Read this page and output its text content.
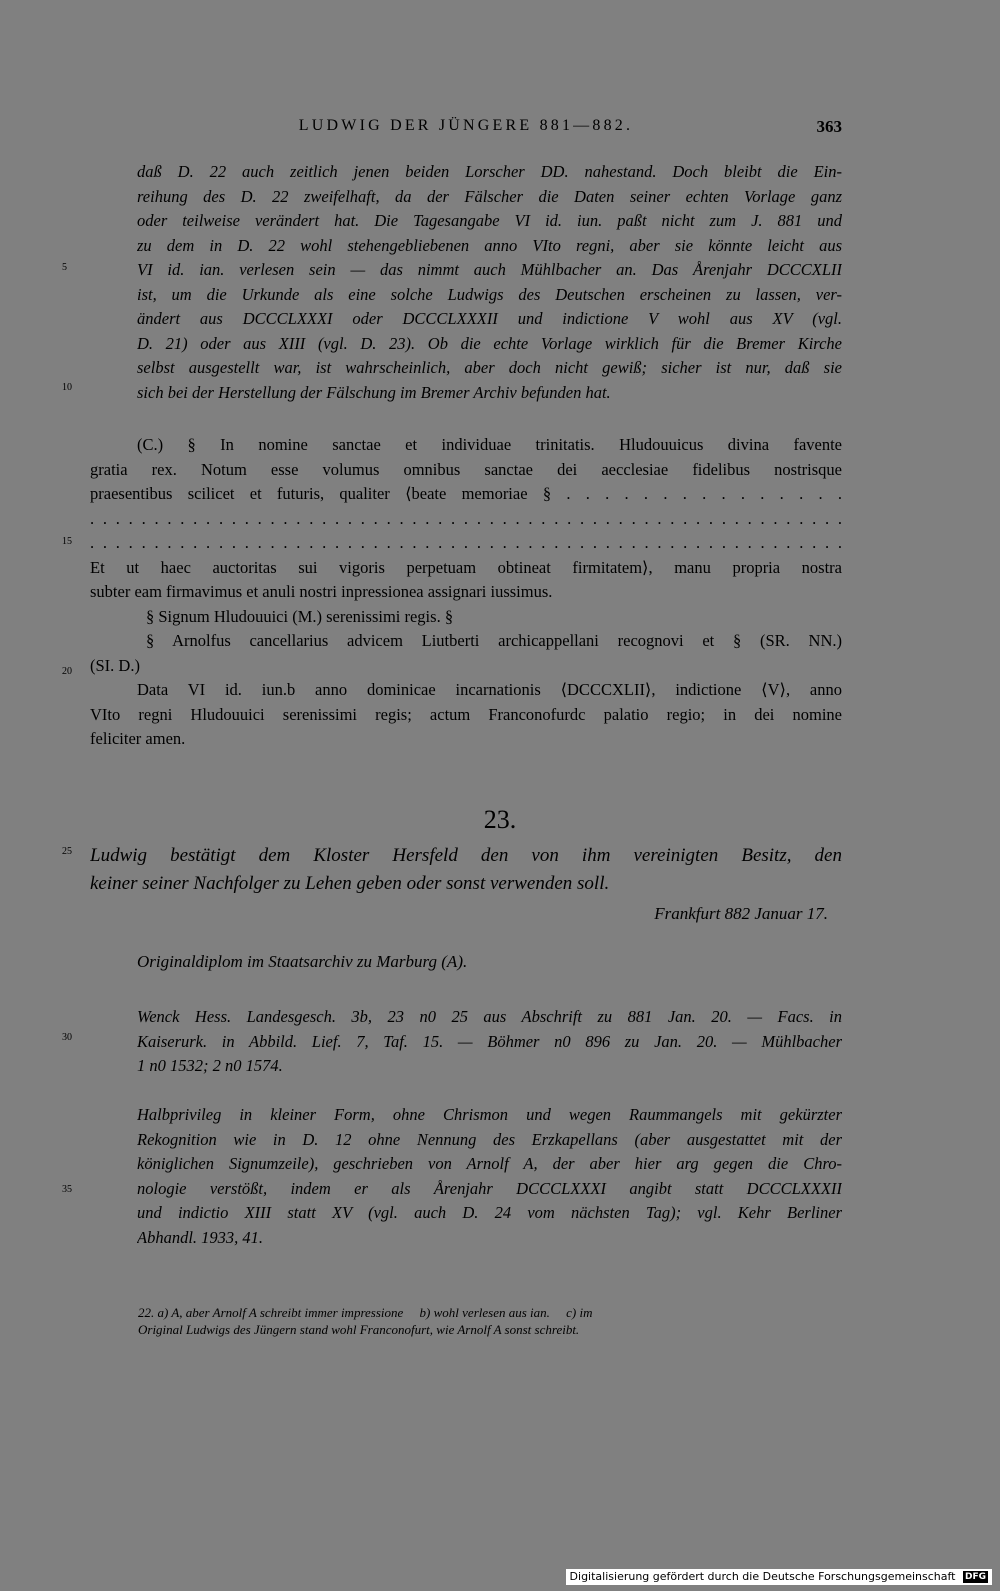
LUDWIG DER JÜNGERE 881—882.	363
5
10
15
20
25
30
35
daß D. 22 auch zeitlich jenen beiden Lorscher DD. nahestand. Doch bleibt die Ein-
reihung des D. 22 zweifelhaft, da der Fälscher die Daten seiner echten Vorlage ganz
oder teilweise verändert hat. Die Tagesangabe VI id. iun. paßt nicht zum J. 881 und
zu dem in D. 22 wohl stehengebliebenen anno VIto regni, aber sie könnte leicht aus
VI id. ian. verlesen sein — das nimmt auch Mühlbacher an. Das Årenjahr DCCCXLII
ist, um die Urkunde als eine solche Ludwigs des Deutschen erscheinen zu lassen, ver-
ändert aus DCCCLXXXI oder DCCCLXXXII und indictione V wohl aus XV (vgl.
D. 21) oder aus XIII (vgl. D. 23). Ob die echte Vorlage wirklich für die Bremer Kirche
selbst ausgestellt war, ist wahrscheinlich, aber doch nicht gewiß; sicher ist nur, daß sie
sich bei der Herstellung der Fälschung im Bremer Archiv befunden hat.
(C.) § In nomine sanctae et individuae trinitatis. Hludouuicus divina favente
gratia rex. Notum esse volumus omnibus sanctae dei aecclesiae fidelibus nostrisque
praesentibus scilicet et futuris, qualiter ⟨beate memoriae § . . . . . . . . . . . . . . .
. . . . . . . . . . . . . . . . . . . . . . . . . . . . . . . . . . . . . . . . . . . . . . . . . . . . . . . . . . .
. . . . . . . . . . . . . . . . . . . . . . . . . . . . . . . . . . . . . . . . . . . . . . . . . . . . . . . . . . .
Et ut haec auctoritas sui vigoris perpetuam obtineat firmitatem⟩, manu propria nostra
subter eam firmavimus et anuli nostri inpressionea assignari iussimus.
§ Signum Hludouuici (M.) serenissimi regis. §
§ Arnolfus cancellarius advicem Liutberti archicappellani recognovi et § (SR. NN.)
(SI. D.)
Data VI id. iun.b anno dominicae incarnationis ⟨DCCCXLII⟩, indictione ⟨V⟩, anno
VIto regni Hludouuici serenissimi regis; actum Franconofurdc palatio regio; in dei nomine
feliciter amen.
23.
Ludwig bestätigt dem Kloster Hersfeld den von ihm vereinigten Besitz, den
keiner seiner Nachfolger zu Lehen geben oder sonst verwenden soll.
Frankfurt 882 Januar 17.
Originaldiplom im Staatsarchiv zu Marburg (A).
Wenck Hess. Landesgesch. 3b, 23 n0 25 aus Abschrift zu 881 Jan. 20. — Facs. in
Kaiserurk. in Abbild. Lief. 7, Taf. 15. — Böhmer n0 896 zu Jan. 20. — Mühlbacher
1 n0 1532; 2 n0 1574.
Halbprivileg in kleiner Form, ohne Chrismon und wegen Raummangels mit gekürzter
Rekognition wie in D. 12 ohne Nennung des Erzkapellans (aber ausgestattet mit der
königlichen Signumzeile), geschrieben von Arnolf A, der aber hier arg gegen die Chro-
nologie verstößt, indem er als Årenjahr DCCCLXXXI angibt statt DCCCLXXXII
und indictio XIII statt XV (vgl. auch D. 24 vom nächsten Tag); vgl. Kehr Berliner
Abhandl. 1933, 41.
22. a) A, aber Arnolf A schreibt immer impressione     b) wohl verlesen aus ian.     c) im
Original Ludwigs des Jüngern stand wohl Franconofurt, wie Arnolf A sonst schreibt.
Digitalisierung gefördert durch die Deutsche Forschungsgemeinschaft DFG
